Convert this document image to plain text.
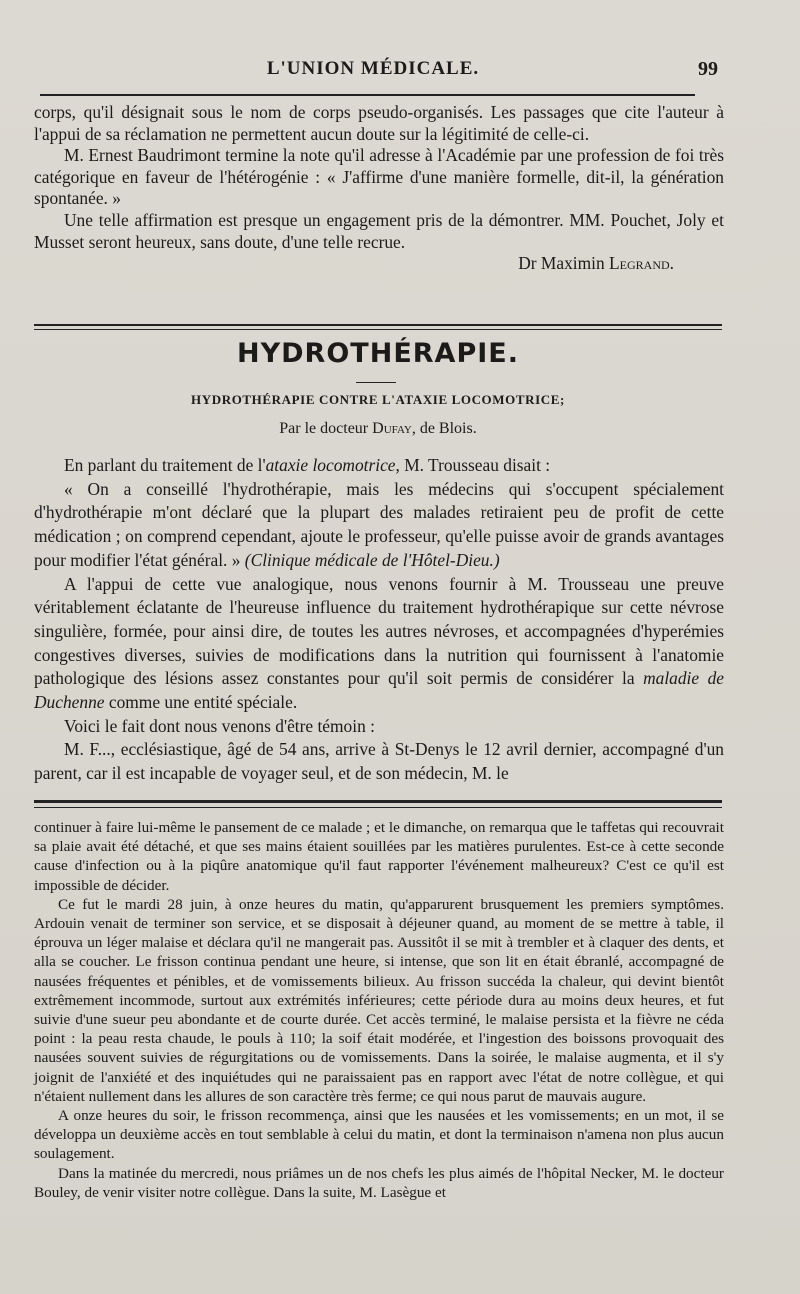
L'UNION MÉDICALE.	99

corps, qu'il désignait sous le nom de corps pseudo-organisés. Les passages que cite l'auteur à l'appui de sa réclamation ne permettent aucun doute sur la légitimité de celle-ci.

M. Ernest Baudrimont termine la note qu'il adresse à l'Académie par une profession de foi très catégorique en faveur de l'hétérogénie : « J'affirme d'une manière formelle, dit-il, la génération spontanée. »

Une telle affirmation est presque un engagement pris de la démontrer. MM. Pouchet, Joly et Musset seront heureux, sans doute, d'une telle recrue.

Dr Maximin Legrand.
HYDROTHÉRAPIE.
HYDROTHÉRAPIE CONTRE L'ATAXIE LOCOMOTRICE;
Par le docteur Dufay, de Blois.

En parlant du traitement de l'ataxie locomotrice, M. Trousseau disait :

« On a conseillé l'hydrothérapie, mais les médecins qui s'occupent spécialement d'hydrothérapie m'ont déclaré que la plupart des malades retiraient peu de profit de cette médication ; on comprend cependant, ajoute le professeur, qu'elle puisse avoir de grands avantages pour modifier l'état général. » (Clinique médicale de l'Hôtel-Dieu.)

A l'appui de cette vue analogique, nous venons fournir à M. Trousseau une preuve véritablement éclatante de l'heureuse influence du traitement hydrothérapique sur cette névrose singulière, formée, pour ainsi dire, de toutes les autres névroses, et accompagnées d'hyperémies congestives diverses, suivies de modifications dans la nutrition qui fournissent à l'anatomie pathologique des lésions assez constantes pour qu'il soit permis de considérer la maladie de Duchenne comme une entité spéciale.

Voici le fait dont nous venons d'être témoin :

M. F..., ecclésiastique, âgé de 54 ans, arrive à St-Denys le 12 avril dernier, accompagné d'un parent, car il est incapable de voyager seul, et de son médecin, M. le

continuer à faire lui-même le pansement de ce malade ; et le dimanche, on remarqua que le taffetas qui recouvrait sa plaie avait été détaché, et que ses mains étaient souillées par les matières purulentes. Est-ce à cette seconde cause d'infection ou à la piqûre anatomique qu'il faut rapporter l'événement malheureux? C'est ce qu'il est impossible de décider.

Ce fut le mardi 28 juin, à onze heures du matin, qu'apparurent brusquement les premiers symptômes. Ardouin venait de terminer son service, et se disposait à déjeuner quand, au moment de se mettre à table, il éprouva un léger malaise et déclara qu'il ne mangerait pas. Aussitôt il se mit à trembler et à claquer des dents, et alla se coucher. Le frisson continua pendant une heure, si intense, que son lit en était ébranlé, accompagné de nausées fréquentes et pénibles, et de vomissements bilieux. Au frisson succéda la chaleur, qui devint bientôt extrêmement incommode, surtout aux extrémités inférieures; cette période dura au moins deux heures, et fut suivie d'une sueur peu abondante et de courte durée. Cet accès terminé, le malaise persista et la fièvre ne céda point : la peau resta chaude, le pouls à 110; la soif était modérée, et l'ingestion des boissons provoquait des nausées souvent suivies de régurgitations ou de vomissements. Dans la soirée, le malaise augmenta, et il s'y joignit de l'anxiété et des inquiétudes qui ne paraissaient pas en rapport avec l'état de notre collègue, et qui n'étaient nullement dans les allures de son caractère très ferme; ce qui nous parut de mauvais augure.

A onze heures du soir, le frisson recommença, ainsi que les nausées et les vomissements; en un mot, il se développa un deuxième accès en tout semblable à celui du matin, et dont la terminaison n'amena non plus aucun soulagement.

Dans la matinée du mercredi, nous priâmes un de nos chefs les plus aimés de l'hôpital Necker, M. le docteur Bouley, de venir visiter notre collègue. Dans la suite, M. Lasègue et
